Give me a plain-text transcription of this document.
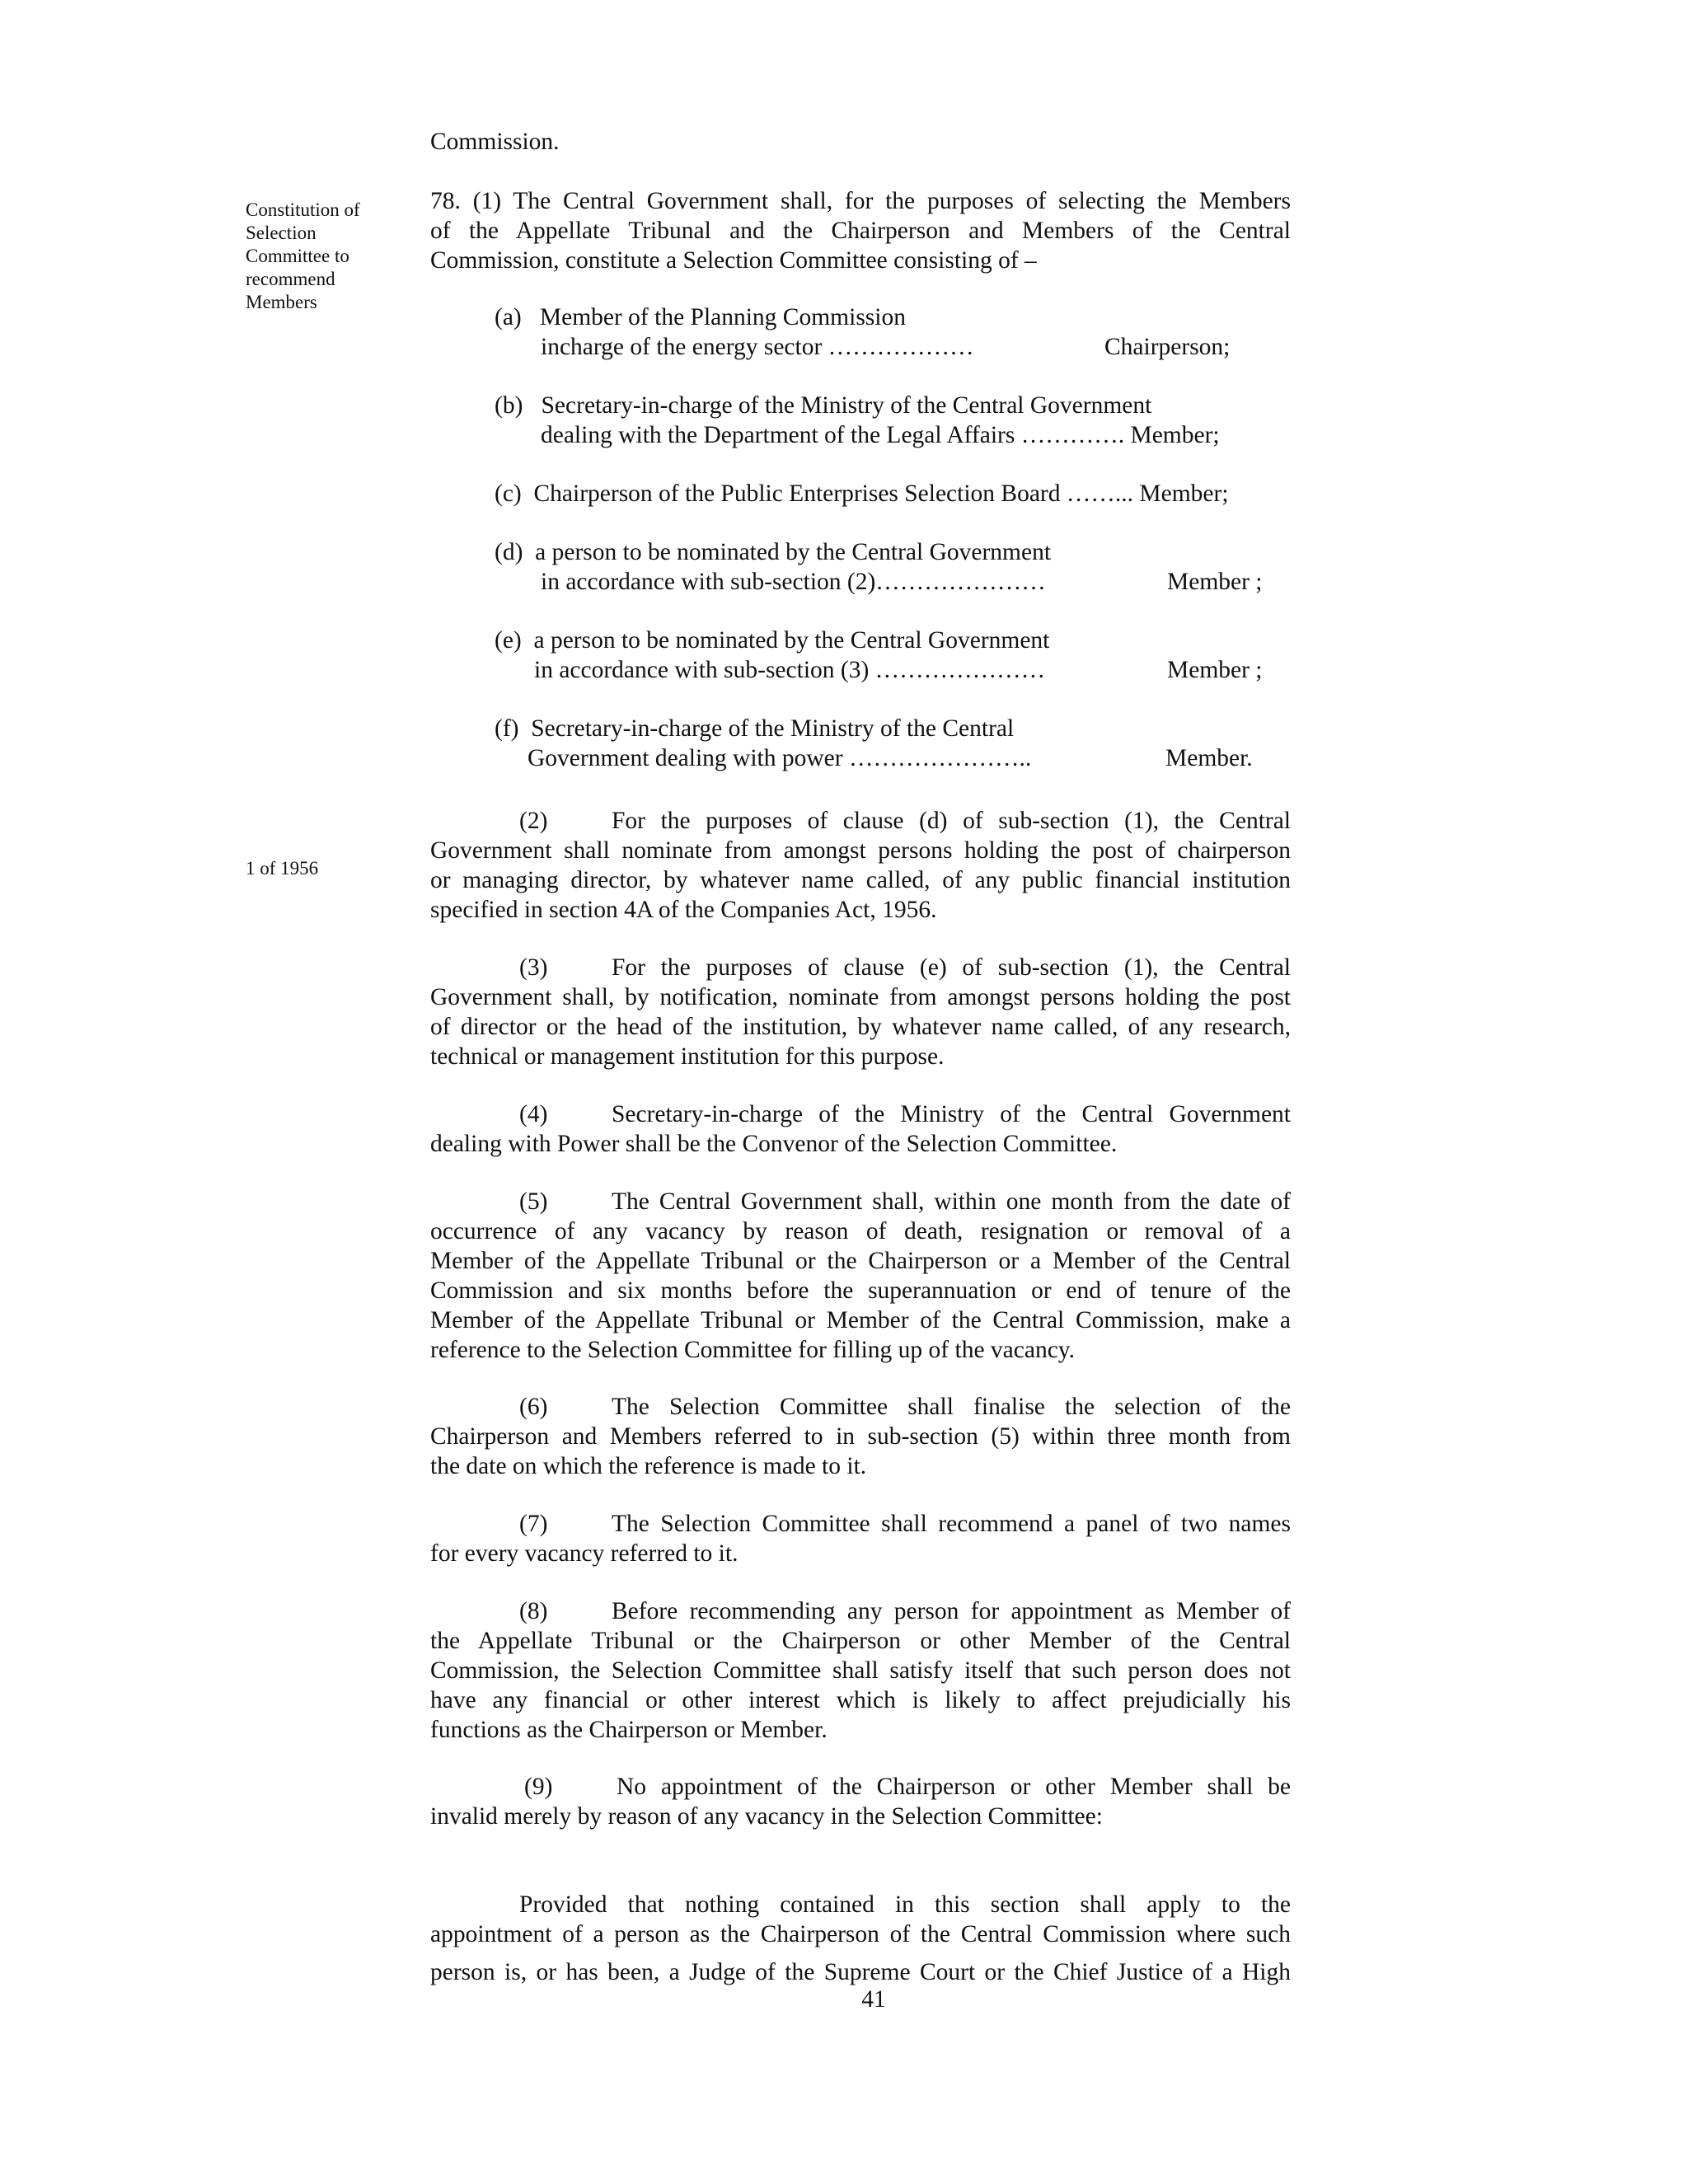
Commission.
Constitution of
Selection
Committee to
recommend
Members
78. (1) The Central Government shall, for the purposes of selecting the Members
of the Appellate Tribunal and the Chairperson and Members of the Central
Commission, constitute a Selection Committee consisting of –
(a)   Member of the Planning Commission
incharge of the energy sector ………………	Chairperson;
(b)   Secretary-in-charge of the Ministry of the Central Government
dealing with the Department of the Legal Affairs …………. Member;
(c)  Chairperson of the Public Enterprises Selection Board ……... Member;
(d)  a person to be nominated by the Central Government
in accordance with sub-section (2)…………………	Member ;
(e)  a person to be nominated by the Central Government
in accordance with sub-section (3) …………………	Member ;
(f)  Secretary-in-charge of the Ministry of the Central
Government dealing with power …………………..	Member.
1 of 1956
(2)	For the purposes of clause (d) of sub-section (1), the Central
Government shall nominate from amongst persons holding the post of chairperson
or managing director, by whatever name called, of any public financial institution
specified in section 4A of the Companies Act, 1956.
(3)	For the purposes of clause (e) of sub-section (1), the Central
Government shall, by notification, nominate from amongst persons holding the post
of director or the head of the institution, by whatever name called, of any research,
technical or management institution for this purpose.
(4)	Secretary-in-charge of the Ministry of the Central Government
dealing with Power shall be the Convenor of the Selection Committee.
(5)	The Central Government shall, within one month from the date of
occurrence of any vacancy by reason of death, resignation or removal of a
Member of the Appellate Tribunal or the Chairperson or a Member of the Central
Commission and six months before the superannuation or end of tenure of the
Member of the Appellate Tribunal or Member of the Central Commission, make a
reference to the Selection Committee for filling up of the vacancy.
(6)	The Selection Committee shall finalise the selection of the
Chairperson and Members referred to in sub-section (5) within three month from
the date on which the reference is made to it.
(7)	The Selection Committee shall recommend a panel of two names
for every vacancy referred to it.
(8)	Before recommending any person for appointment as Member of
the Appellate Tribunal or the Chairperson or other Member of the Central
Commission, the Selection Committee shall satisfy itself that such person does not
have any financial or other interest which is likely to affect prejudicially his
functions as the Chairperson or Member.
(9)	No appointment of the Chairperson or other Member shall be
invalid merely by reason of any vacancy in the Selection Committee:
Provided that nothing contained in this section shall apply to the
appointment of a person as the Chairperson of the Central Commission where such
person is, or has been, a Judge of the Supreme Court or the Chief Justice of a High
41
